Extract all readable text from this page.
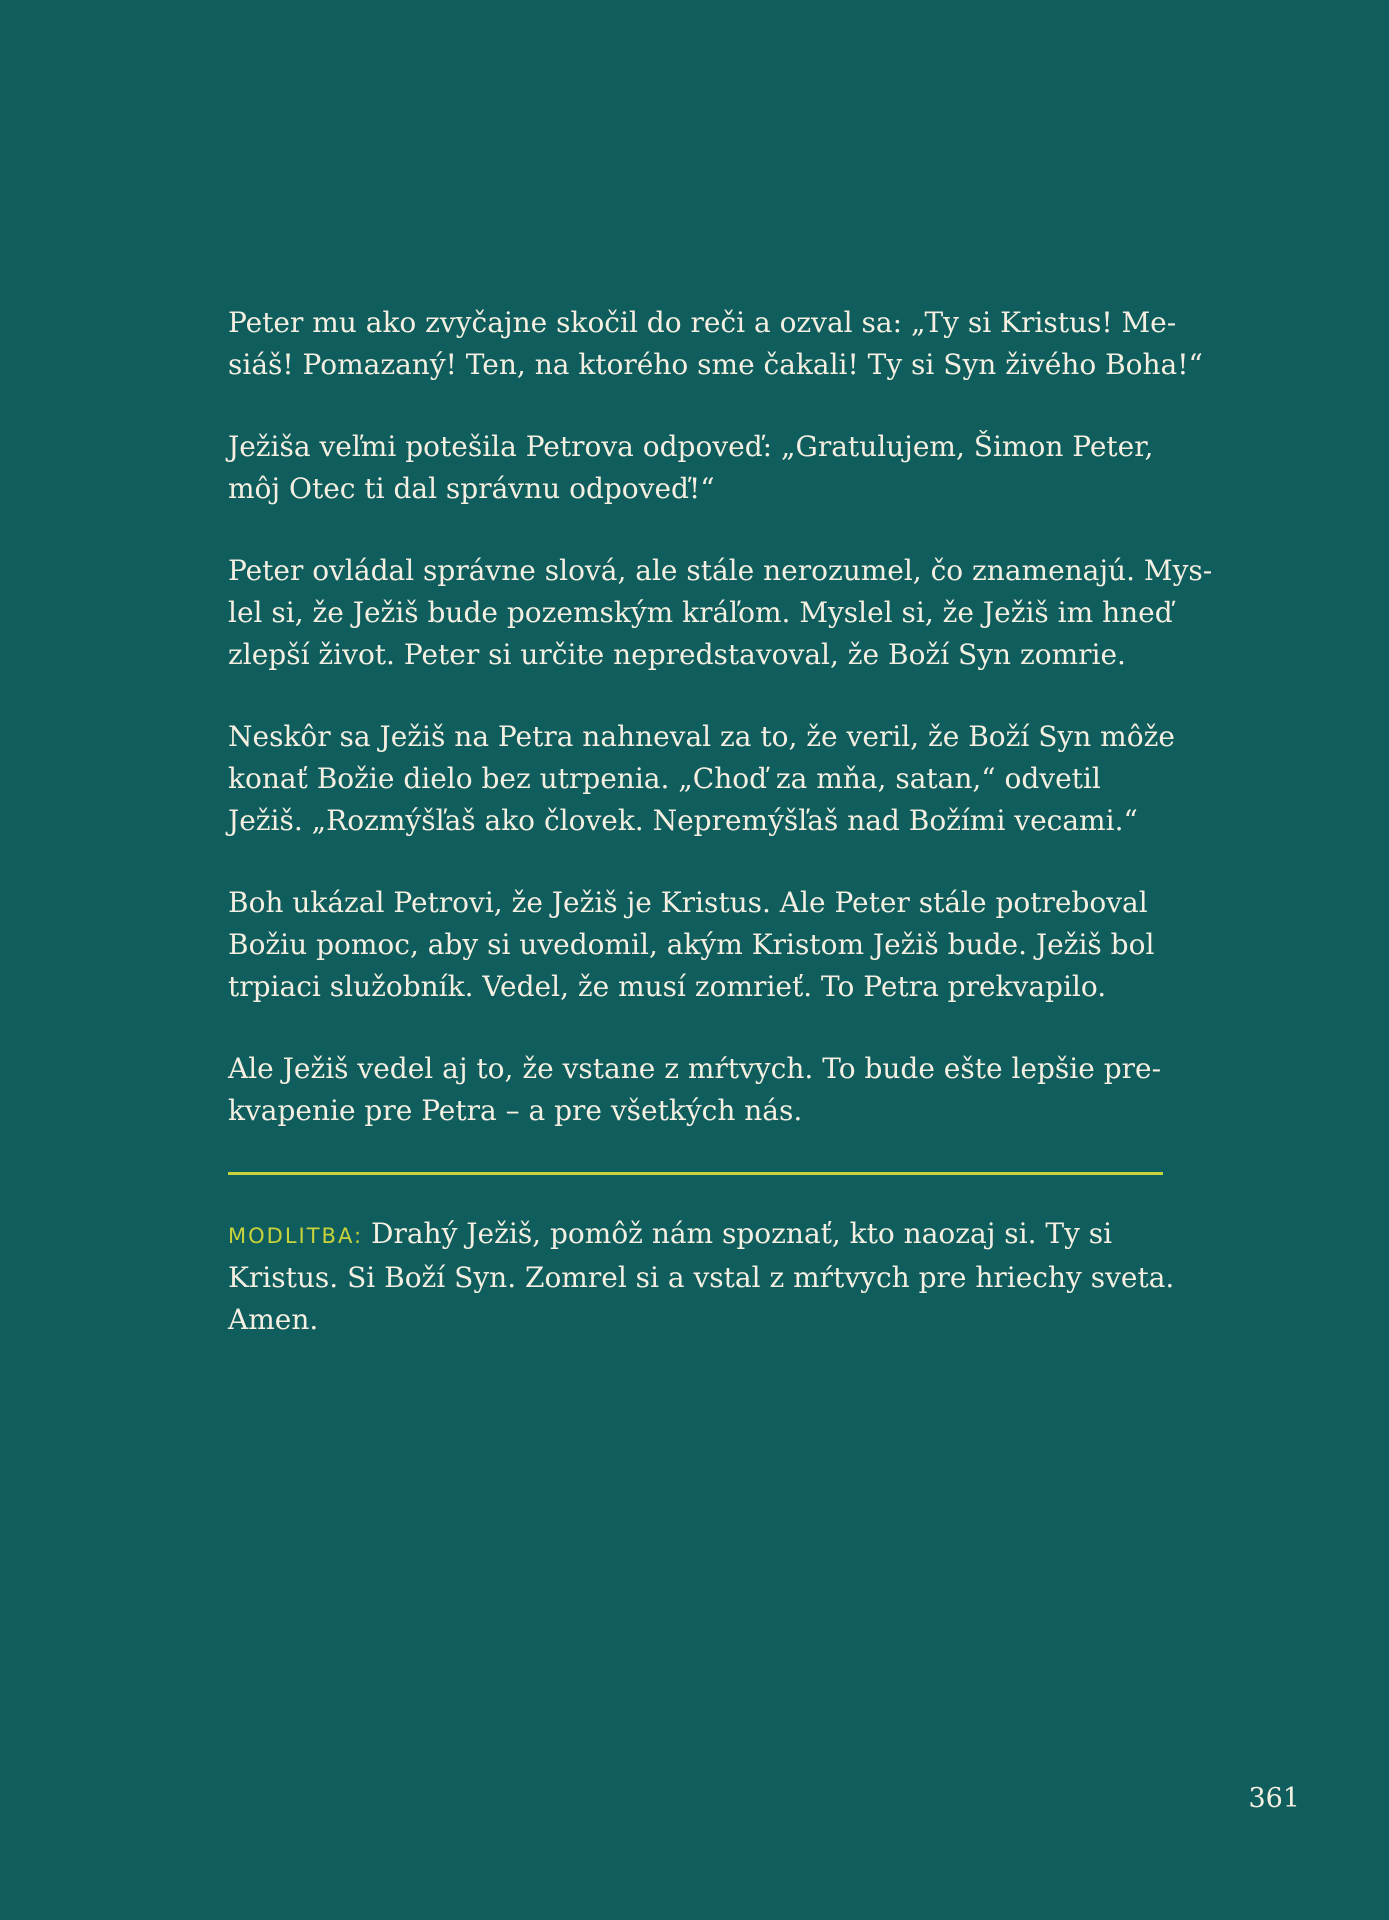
Peter mu ako zvyčajne skočil do reči a ozval sa: „Ty si Kristus! Me-
siáš! Pomazaný! Ten, na ktorého sme čakali! Ty si Syn živého Boha!“

Ježiša veľmi potešila Petrova odpoveď: „Gratulujem, Šimon Peter,
môj Otec ti dal správnu odpoveď!“

Peter ovládal správne slová, ale stále nerozumel, čo znamenajú. Mys-
lel si, že Ježiš bude pozemským kráľom. Myslel si, že Ježiš im hneď
zlepší život. Peter si určite nepredstavoval, že Boží Syn zomrie.

Neskôr sa Ježiš na Petra nahneval za to, že veril, že Boží Syn môže
konať Božie dielo bez utrpenia. „Choď za mňa, satan,“ odvetil
Ježiš. „Rozmýšľaš ako človek. Nepremýšľaš nad Božími vecami.“

Boh ukázal Petrovi, že Ježiš je Kristus. Ale Peter stále potreboval
Božiu pomoc, aby si uvedomil, akým Kristom Ježiš bude. Ježiš bol
trpiaci služobník. Vedel, že musí zomrieť. To Petra prekvapilo.

Ale Ježiš vedel aj to, že vstane z mŕtvych. To bude ešte lepšie pre-
kvapenie pre Petra – a pre všetkých nás.

MODLITBA: Drahý Ježiš, pomôž nám spoznať, kto naozaj si. Ty si
Kristus. Si Boží Syn. Zomrel si a vstal z mŕtvych pre hriechy sveta.
Amen.

361
